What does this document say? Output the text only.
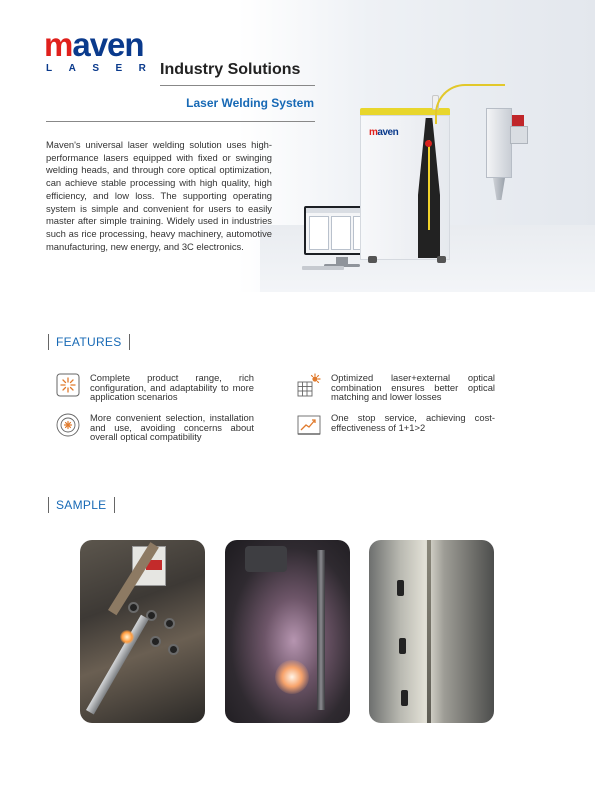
maven
maven
LASER
Industry Solutions
Laser Welding System

Maven's universal laser welding solution uses high-performance lasers equipped with fixed or swinging welding heads, and through core optical optimization, can achieve stable processing with high quality, high efficiency, and low loss. The supporting operating system is simple and convenient for users to easily master after simple training. Widely used in industries such as rice processing, heavy machinery, automotive manufacturing, new energy, and 3C electronics.

FEATURES

Complete product range, rich configuration, and adaptability to more application scenarios

Optimized laser+external optical combination ensures better optical matching and lower losses

More convenient selection, installation and use, avoiding concerns about overall optical compatibility

One stop service, achieving cost-effectiveness of 1+1>2

SAMPLE
